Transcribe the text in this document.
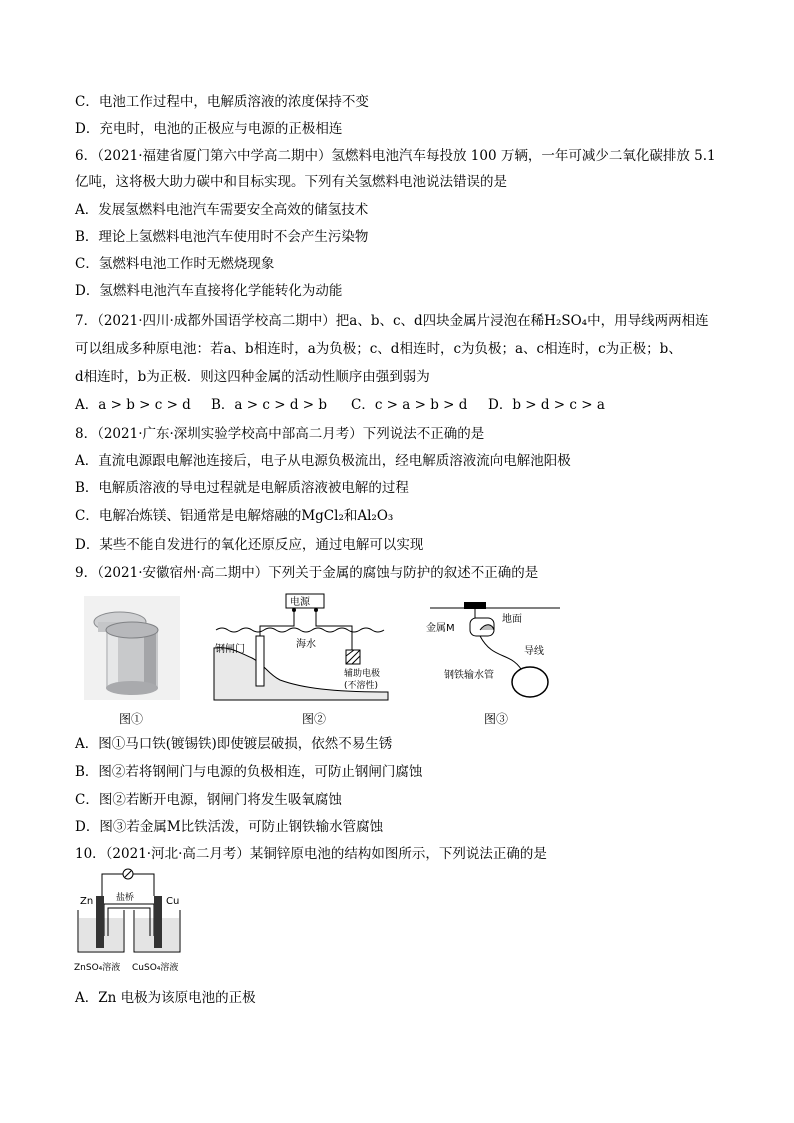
C．电池工作过程中，电解质溶液的浓度保持不变
D．充电时，电池的正极应与电源的正极相连
6．（2021·福建省厦门第六中学高二期中）氢燃料电池汽车每投放 100 万辆，一年可减少二氧化碳排放 5.1
亿吨，这将极大助力碳中和目标实现。下列有关氢燃料电池说法错误的是
A．发展氢燃料电池汽车需要安全高效的储氢技术
B．理论上氢燃料电池汽车使用时不会产生污染物
C．氢燃料电池工作时无燃烧现象
D．氢燃料电池汽车直接将化学能转化为动能
7．（2021·四川·成都外国语学校高二期中）把a、b、c、d四块金属片浸泡在稀H₂SO₄中，用导线两两相连
可以组成多种原电池：若a、b相连时，a为负极；c、d相连时，c为负极；a、c相连时，c为正极；b、
d相连时，b为正极．则这四种金属的活动性顺序由强到弱为
A．a > b > c > d	B．a > c > d > b	C．c > a > b > d	D．b > d > c > a
8．（2021·广东·深圳实验学校高中部高二月考）下列说法不正确的是
A．直流电源跟电解池连接后，电子从电源负极流出，经电解质溶液流向电解池阳极
B．电解质溶液的导电过程就是电解质溶液被电解的过程
C．电解冶炼镁、铝通常是电解熔融的MgCl₂和Al₂O₃
D．某些不能自发进行的氧化还原反应，通过电解可以实现
9．（2021·安徽宿州·高二期中）下列关于金属的腐蚀与防护的叙述不正确的是
图①
钢闸门	海水
电源
辅助电极
(不溶性)
图②
地面
金属M
导线
钢铁输水管
图③
A．图①马口铁(镀锡铁)即使镀层破损，依然不易生锈
B．图②若将钢闸门与电源的负极相连，可防止钢闸门腐蚀
C．图②若断开电源，钢闸门将发生吸氧腐蚀
D．图③若金属M比铁活泼，可防止钢铁输水管腐蚀
10．（2021·河北·高二月考）某铜锌原电池的结构如图所示，下列说法正确的是
Zn	Cu
盐桥
ZnSO₄溶液 CuSO₄溶液
A．Zn 电极为该原电池的正极
